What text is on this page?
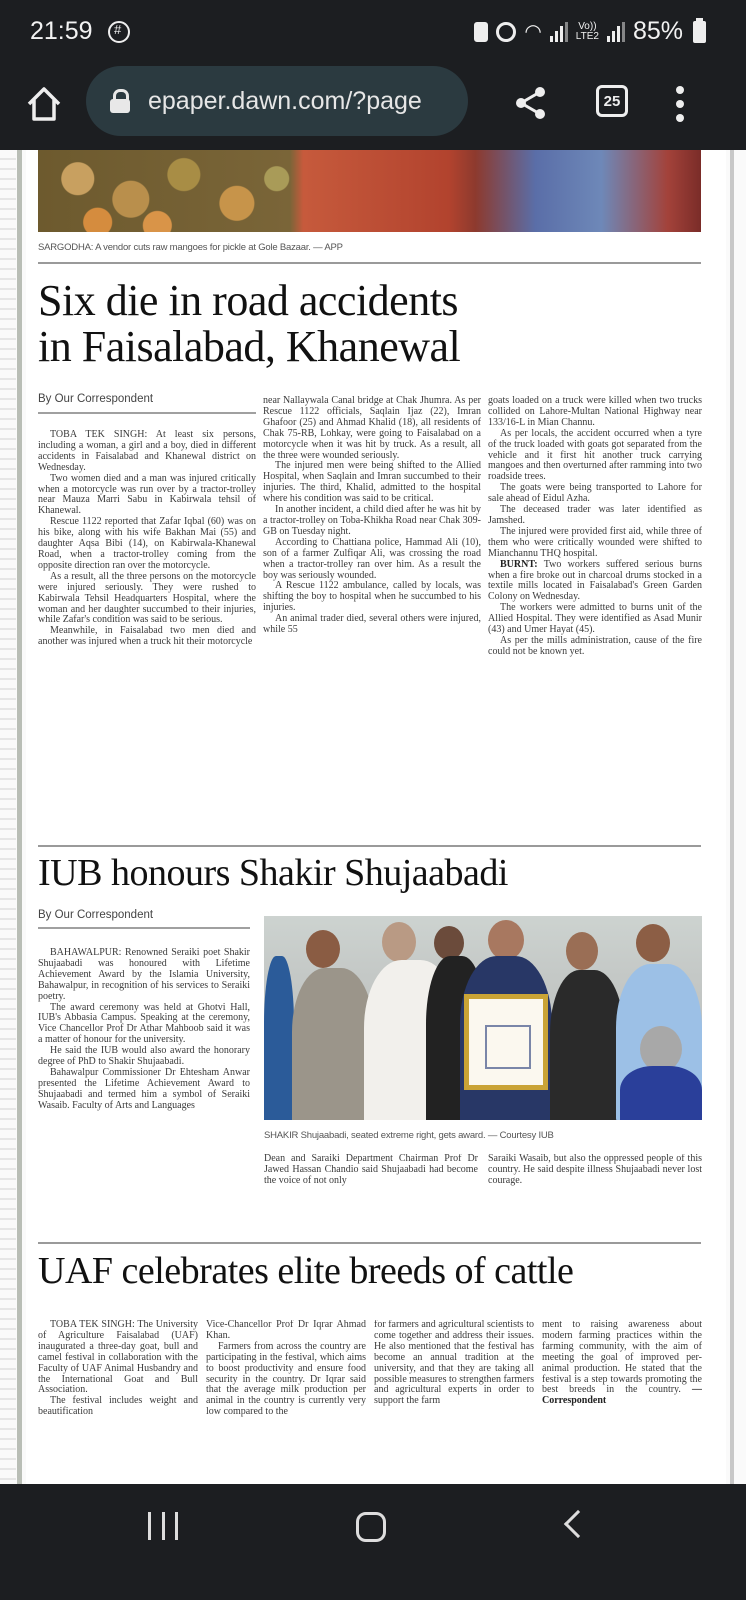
21:59 #	◠	Vo))
LTE2 85%
epaper.dawn.com/?page	25
SARGODHA: A vendor cuts raw mangoes for pickle at Gole Bazaar. — APP
Six die in road accidents
in Faisalabad, Khanewal
By Our Correspondent

TOBA TEK SINGH: At least six persons, including a woman, a girl and a boy, died in different accidents in Faisalabad and Khanewal district on Wednesday.

Two women died and a man was injured critically when a motorcycle was run over by a tractor-trolley near Mauza Marri Sabu in Kabirwala tehsil of Khanewal.

Rescue 1122 reported that Zafar Iqbal (60) was on his bike, along with his wife Bakhan Mai (55) and daughter Aqsa Bibi (14), on Kabirwala-Khanewal Road, when a tractor-trolley coming from the opposite direction ran over the motorcycle.

As a result, all the three persons on the motorcycle were injured seriously. They were rushed to Kabirwala Tehsil Headquarters Hospital, where the woman and her daughter succumbed to their injuries, while Zafar's condition was said to be serious.

Meanwhile, in Faisalabad two men died and another was injured when a truck hit their motorcycle

near Nallaywala Canal bridge at Chak Jhumra. As per Rescue 1122 officials, Saqlain Ijaz (22), Imran Ghafoor (25) and Ahmad Khalid (18), all residents of Chak 75-RB, Lohkay, were going to Faisalabad on a motorcycle when it was hit by truck. As a result, all the three were wounded seriously.

The injured men were being shifted to the Allied Hospital, when Saqlain and Imran succumbed to their injuries. The third, Khalid, admitted to the hospital where his condition was said to be critical.

In another incident, a child died after he was hit by a tractor-trolley on Toba-Khikha Road near Chak 309-GB on Tuesday night.

According to Chattiana police, Hammad Ali (10), son of a farmer Zulfiqar Ali, was crossing the road when a tractor-trolley ran over him. As a result the boy was seriously wounded.

A Rescue 1122 ambulance, called by locals, was shifting the boy to hospital when he succumbed to his injuries.

An animal trader died, several others were injured, while 55

goats loaded on a truck were killed when two trucks collided on Lahore-Multan National Highway near 133/16-L in Mian Channu.

As per locals, the accident occurred when a tyre of the truck loaded with goats got separated from the vehicle and it first hit another truck carrying mangoes and then overturned after ramming into two roadside trees.

The goats were being transported to Lahore for sale ahead of Eidul Azha.

The deceased trader was later identified as Jamshed.

The injured were provided first aid, while three of them who were critically wounded were shifted to Mianchannu THQ hospital.

BURNT: Two workers suffered serious burns when a fire broke out in charcoal drums stocked in a textile mills located in Faisalabad's Green Garden Colony on Wednesday.

The workers were admitted to burns unit of the Allied Hospital. They were identified as Asad Munir (43) and Umer Hayat (45).

As per the mills administration, cause of the fire could not be known yet.

IUB honours Shakir Shujaabadi
By Our Correspondent

BAHAWALPUR: Renowned Seraiki poet Shakir Shujaabadi was honoured with Lifetime Achievement Award by the Islamia University, Bahawalpur, in recognition of his services to Seraiki poetry.

The award ceremony was held at Ghotvi Hall, IUB's Abbasia Campus. Speaking at the ceremony, Vice Chancellor Prof Dr Athar Mahboob said it was a matter of honour for the university.

He said the IUB would also award the honorary degree of PhD to Shakir Shujaabadi.

Bahawalpur Commissioner Dr Ehtesham Anwar presented the Lifetime Achievement Award to Shujaabadi and termed him a symbol of Seraiki Wasaib. Faculty of Arts and Languages

SHAKIR Shujaabadi, seated extreme right, gets award. — Courtesy IUB

Dean and Saraiki Department Chairman Prof Dr Jawed Hassan Chandio said Shujaabadi had become the voice of not only

Saraiki Wasaib, but also the oppressed people of this country. He said despite illness Shujaabadi never lost courage.

UAF celebrates elite breeds of cattle

TOBA TEK SINGH: The University of Agriculture Faisalabad (UAF) inaugurated a three-day goat, bull and camel festival in collaboration with the Faculty of UAF Animal Husbandry and the International Goat and Bull Association.

The festival includes weight and beautification

Vice-Chancellor Prof Dr Iqrar Ahmad Khan.

Farmers from across the country are participating in the festival, which aims to boost productivity and ensure food security in the country. Dr Iqrar said that the average milk production per animal in the country is currently very low compared to the

for farmers and agricultural scientists to come together and address their issues. He also mentioned that the festival has become an annual tradition at the university, and that they are taking all possible measures to strengthen farmers and agricultural experts in order to support the farm

ment to raising awareness about modern farming practices within the farming community, with the aim of meeting the goal of improved per-animal production. He stated that the festival is a step towards promoting the best breeds in the country. — Correspondent
